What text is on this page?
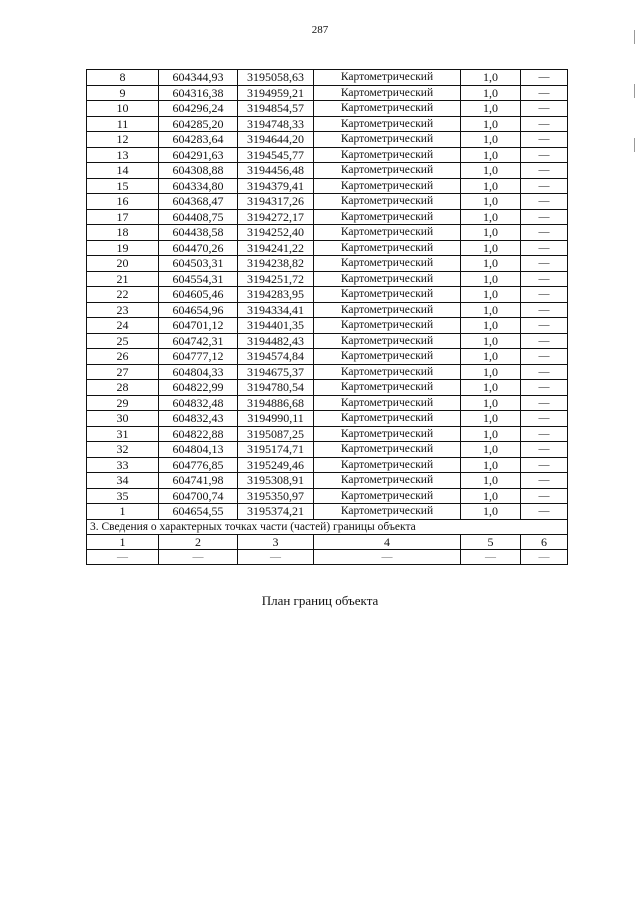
287
8	604344,93	3195058,63	Картометрический	1,0	—
9	604316,38	3194959,21	Картометрический	1,0	—
10	604296,24	3194854,57	Картометрический	1,0	—
11	604285,20	3194748,33	Картометрический	1,0	—
12	604283,64	3194644,20	Картометрический	1,0	—
13	604291,63	3194545,77	Картометрический	1,0	—
14	604308,88	3194456,48	Картометрический	1,0	—
15	604334,80	3194379,41	Картометрический	1,0	—
16	604368,47	3194317,26	Картометрический	1,0	—
17	604408,75	3194272,17	Картометрический	1,0	—
18	604438,58	3194252,40	Картометрический	1,0	—
19	604470,26	3194241,22	Картометрический	1,0	—
20	604503,31	3194238,82	Картометрический	1,0	—
21	604554,31	3194251,72	Картометрический	1,0	—
22	604605,46	3194283,95	Картометрический	1,0	—
23	604654,96	3194334,41	Картометрический	1,0	—
24	604701,12	3194401,35	Картометрический	1,0	—
25	604742,31	3194482,43	Картометрический	1,0	—
26	604777,12	3194574,84	Картометрический	1,0	—
27	604804,33	3194675,37	Картометрический	1,0	—
28	604822,99	3194780,54	Картометрический	1,0	—
29	604832,48	3194886,68	Картометрический	1,0	—
30	604832,43	3194990,11	Картометрический	1,0	—
31	604822,88	3195087,25	Картометрический	1,0	—
32	604804,13	3195174,71	Картометрический	1,0	—
33	604776,85	3195249,46	Картометрический	1,0	—
34	604741,98	3195308,91	Картометрический	1,0	—
35	604700,74	3195350,97	Картометрический	1,0	—
1	604654,55	3195374,21	Картометрический	1,0	—
3. Сведения о характерных точках части (частей) границы объекта					
1	2	3	4	5	6
—	—	—	—	—	—
План границ объекта
